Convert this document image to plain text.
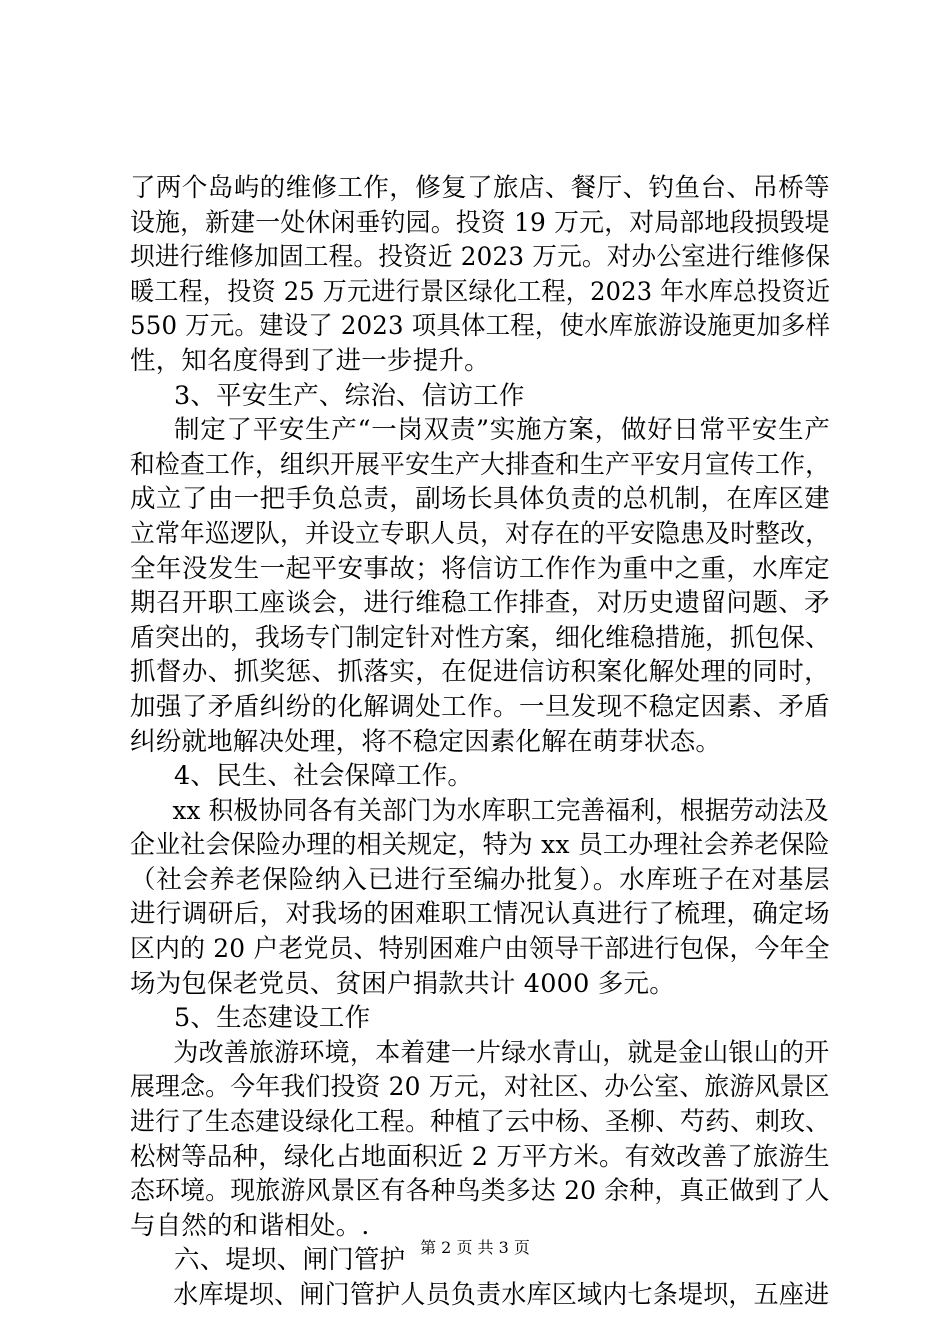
了两个岛屿的维修工作，修复了旅店、餐厅、钓鱼台、吊桥等
设施，新建一处休闲垂钓园。投资 19 万元，对局部地段损毁堤
坝进行维修加固工程。投资近 2023 万元。对办公室进行维修保
暖工程，投资 25 万元进行景区绿化工程，2023 年水库总投资近
550 万元。建设了 2023 项具体工程，使水库旅游设施更加多样
性，知名度得到了进一步提升。
3、平安生产、综治、信访工作
制定了平安生产“一岗双责”实施方案，做好日常平安生产
和检查工作，组织开展平安生产大排查和生产平安月宣传工作，
成立了由一把手负总责，副场长具体负责的总机制，在库区建
立常年巡逻队，并设立专职人员，对存在的平安隐患及时整改，
全年没发生一起平安事故；将信访工作作为重中之重，水库定
期召开职工座谈会，进行维稳工作排查，对历史遗留问题、矛
盾突出的，我场专门制定针对性方案，细化维稳措施，抓包保、
抓督办、抓奖惩、抓落实，在促进信访积案化解处理的同时，
加强了矛盾纠纷的化解调处工作。一旦发现不稳定因素、矛盾
纠纷就地解决处理，将不稳定因素化解在萌芽状态。
4、民生、社会保障工作。
xx 积极协同各有关部门为水库职工完善福利，根据劳动法及
企业社会保险办理的相关规定，特为 xx 员工办理社会养老保险
（社会养老保险纳入已进行至编办批复）。水库班子在对基层
进行调研后，对我场的困难职工情况认真进行了梳理，确定场
区内的 20 户老党员、特别困难户由领导干部进行包保，今年全
场为包保老党员、贫困户捐款共计 4000 多元。
5、生态建设工作
为改善旅游环境，本着建一片绿水青山，就是金山银山的开
展理念。今年我们投资 20 万元，对社区、办公室、旅游风景区
进行了生态建设绿化工程。种植了云中杨、圣柳、芍药、刺玫、
松树等品种，绿化占地面积近 2 万平方米。有效改善了旅游生
态环境。现旅游风景区有各种鸟类多达 20 余种，真正做到了人
与自然的和谐相处。.
六、堤坝、闸门管护
水库堤坝、闸门管护人员负责水库区域内七条堤坝，五座进
第 2 页 共 3 页
